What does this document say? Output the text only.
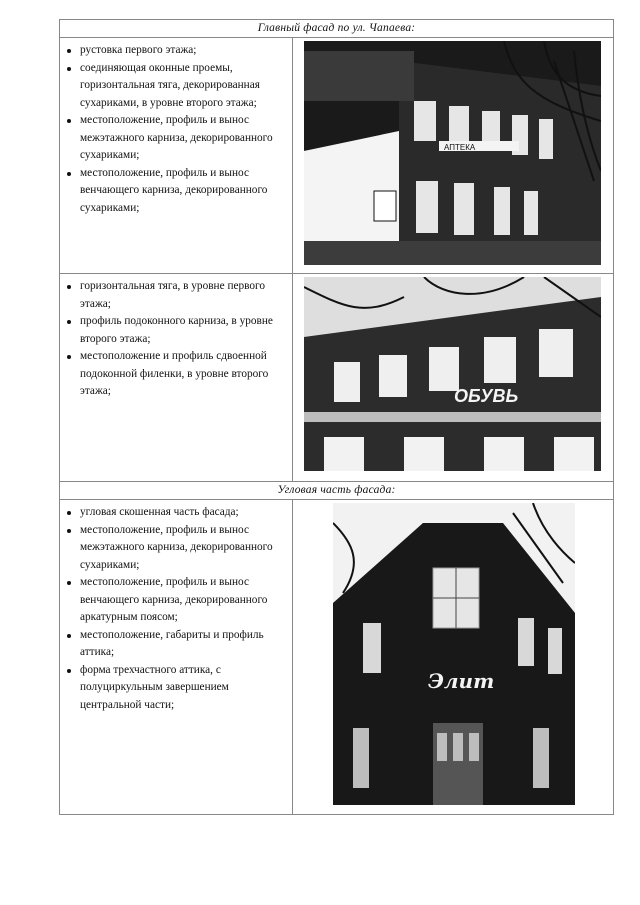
Главный фасад по ул. Чапаева:
рустовка первого этажа;
соединяющая оконные проемы, горизонтальная тяга, декорированная сухариками, в уровне второго этажа;
местоположение, профиль и вынос межэтажного карниза, декорированного сухариками;
местоположение, профиль и вынос венчающего карниза, декорированного сухариками;
АПТЕКА
горизонтальная тяга, в уровне первого этажа;
профиль подоконного карниза, в уровне второго этажа;
местоположение и профиль сдвоенной подоконной филенки, в уровне второго этажа;	ОБУВЬ
Угловая часть фасада:
угловая скошенная часть фасада;
местоположение, профиль и вынос межэтажного карниза, декорированного сухариками;
местоположение, профиль и вынос венчающего карниза, декорированного аркатурным поясом;
местоположение, габариты и профиль аттика;
форма трехчастного аттика, с полуциркульным завершением центральной части;
Элит
